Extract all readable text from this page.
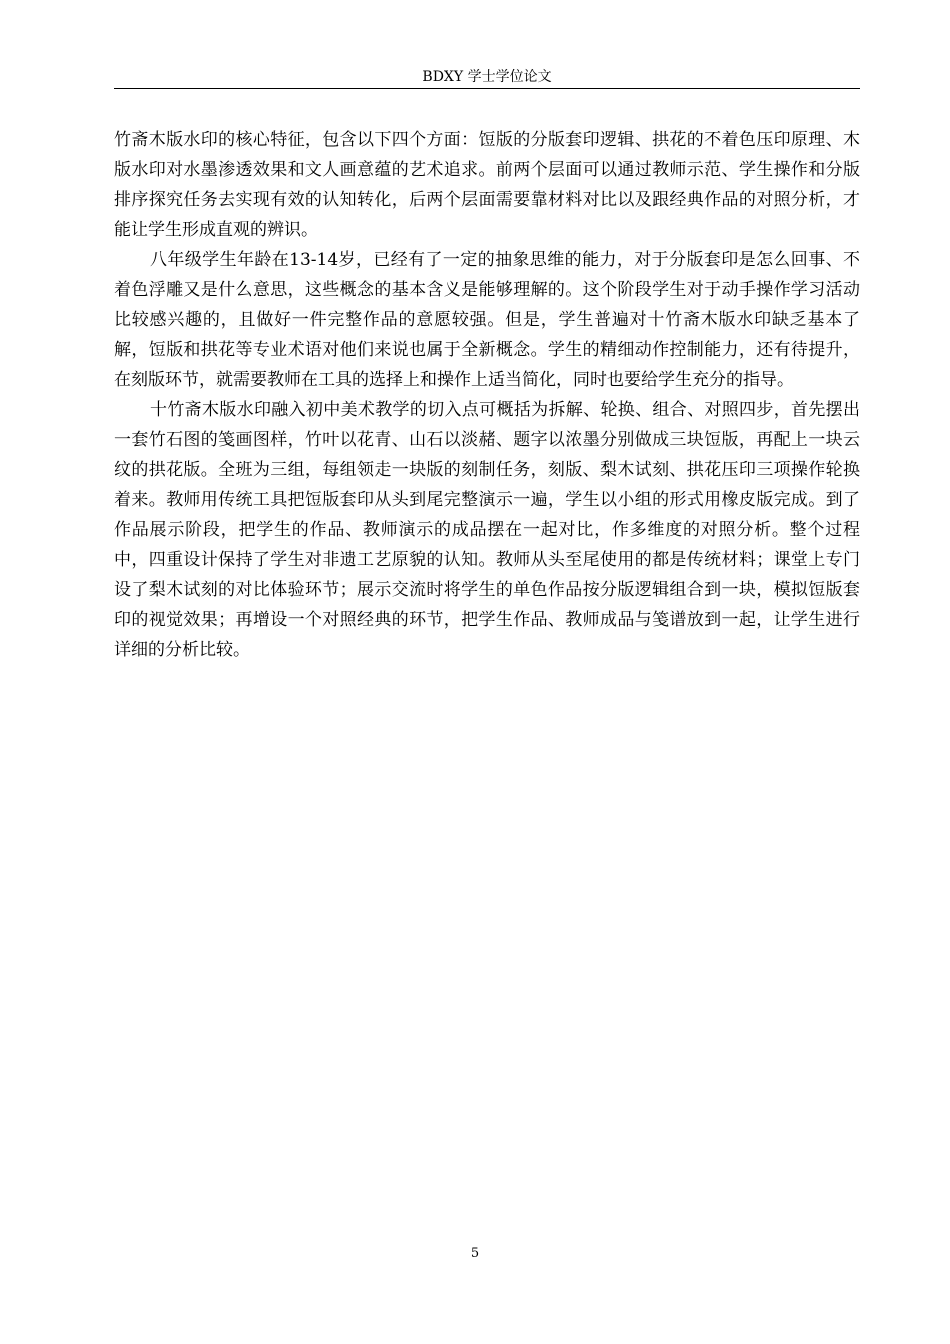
BDXY 学士学位论文

竹斋木版水印的核心特征，包含以下四个方面：饾版的分版套印逻辑、拱花的不着色压印原理、木版水印对水墨渗透效果和文人画意蕴的艺术追求。前两个层面可以通过教师示范、学生操作和分版排序探究任务去实现有效的认知转化，后两个层面需要靠材料对比以及跟经典作品的对照分析，才能让学生形成直观的辨识。

八年级学生年龄在13-14岁，已经有了一定的抽象思维的能力，对于分版套印是怎么回事、不着色浮雕又是什么意思，这些概念的基本含义是能够理解的。这个阶段学生对于动手操作学习活动比较感兴趣的，且做好一件完整作品的意愿较强。但是，学生普遍对十竹斋木版水印缺乏基本了解，饾版和拱花等专业术语对他们来说也属于全新概念。学生的精细动作控制能力，还有待提升，在刻版环节，就需要教师在工具的选择上和操作上适当简化，同时也要给学生充分的指导。

十竹斋木版水印融入初中美术教学的切入点可概括为拆解、轮换、组合、对照四步，首先摆出一套竹石图的笺画图样，竹叶以花青、山石以淡赭、题字以浓墨分别做成三块饾版，再配上一块云纹的拱花版。全班为三组，每组领走一块版的刻制任务，刻版、梨木试刻、拱花压印三项操作轮换着来。教师用传统工具把饾版套印从头到尾完整演示一遍，学生以小组的形式用橡皮版完成。到了作品展示阶段，把学生的作品、教师演示的成品摆在一起对比，作多维度的对照分析。整个过程中，四重设计保持了学生对非遗工艺原貌的认知。教师从头至尾使用的都是传统材料；课堂上专门设了梨木试刻的对比体验环节；展示交流时将学生的单色作品按分版逻辑组合到一块，模拟饾版套印的视觉效果；再增设一个对照经典的环节，把学生作品、教师成品与笺谱放到一起，让学生进行详细的分析比较。

5
